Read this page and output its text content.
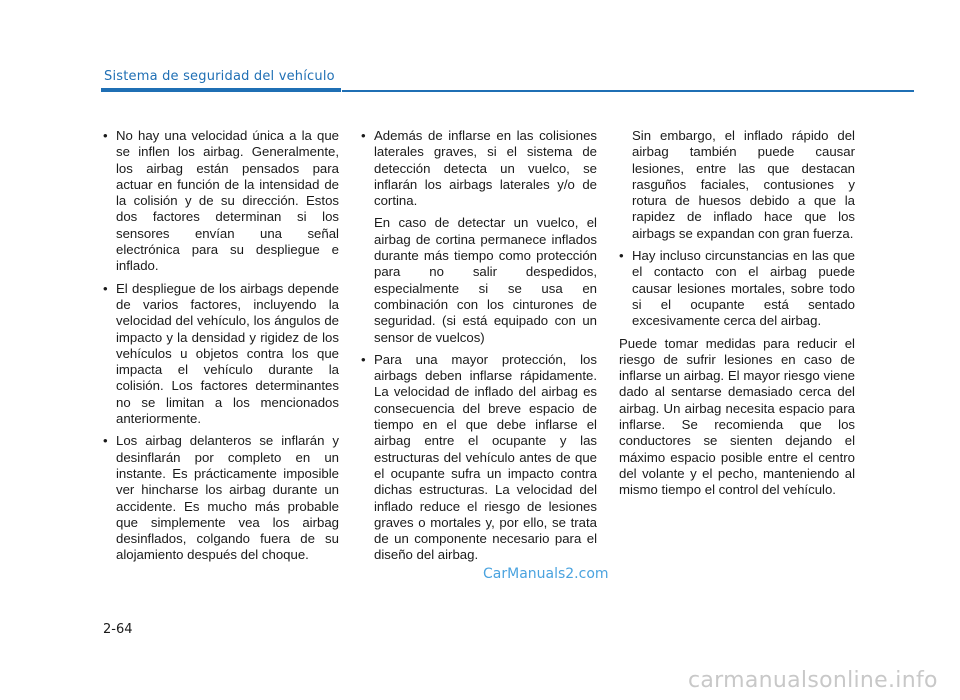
Sistema de seguridad del vehículo
• No hay una velocidad única a la que se inflen los airbag. Generalmente, los airbag están pensados para actuar en función de la intensidad de la colisión y de su dirección. Estos dos factores determinan si los sensores envían una señal electrónica para su despliegue e inflado.
• El despliegue de los airbags depende de varios factores, incluyendo la velocidad del vehículo, los ángulos de impacto y la densidad y rigidez de los vehículos u objetos contra los que impacta el vehículo durante la colisión. Los factores determinantes no se limitan a los mencionados anteriormente.
• Los airbag delanteros se inflarán y desinflarán por completo en un instante. Es prácticamente imposible ver hincharse los airbag durante un accidente. Es mucho más probable que simplemente vea los airbag desinflados, colgando fuera de su alojamiento después del choque.
• Además de inflarse en las colisiones laterales graves, si el sistema de detección detecta un vuelco, se inflarán los airbags laterales y/o de cortina.

En caso de detectar un vuelco, el airbag de cortina permanece inflados durante más tiempo como protección para no salir despedidos, especialmente si se usa en combinación con los cinturones de seguridad. (si está equipado con un sensor de vuelcos)

• Para una mayor protección, los airbags deben inflarse rápidamente. La velocidad de inflado del airbag es consecuencia del breve espacio de tiempo en el que debe inflarse el airbag entre el ocupante y las estructuras del vehículo antes de que el ocupante sufra un impacto contra dichas estructuras. La velocidad del inflado reduce el riesgo de lesiones graves o mortales y, por ello, se trata de un componente necesario para el diseño del airbag.

Sin embargo, el inflado rápido del airbag también puede causar lesiones, entre las que destacan rasguños faciales, contusiones y rotura de huesos debido a que la rapidez de inflado hace que los airbags se expandan con gran fuerza.

• Hay incluso circunstancias en las que el contacto con el airbag puede causar lesiones mortales, sobre todo si el ocupante está sentado excesivamente cerca del airbag.

Puede tomar medidas para reducir el riesgo de sufrir lesiones en caso de inflarse un airbag. El mayor riesgo viene dado al sentarse demasiado cerca del airbag. Un airbag necesita espacio para inflarse. Se recomienda que los conductores se sienten dejando el máximo espacio posible entre el centro del volante y el pecho, manteniendo al mismo tiempo el control del vehículo.

CarManuals2.com
2-64
carmanualsonline.info
